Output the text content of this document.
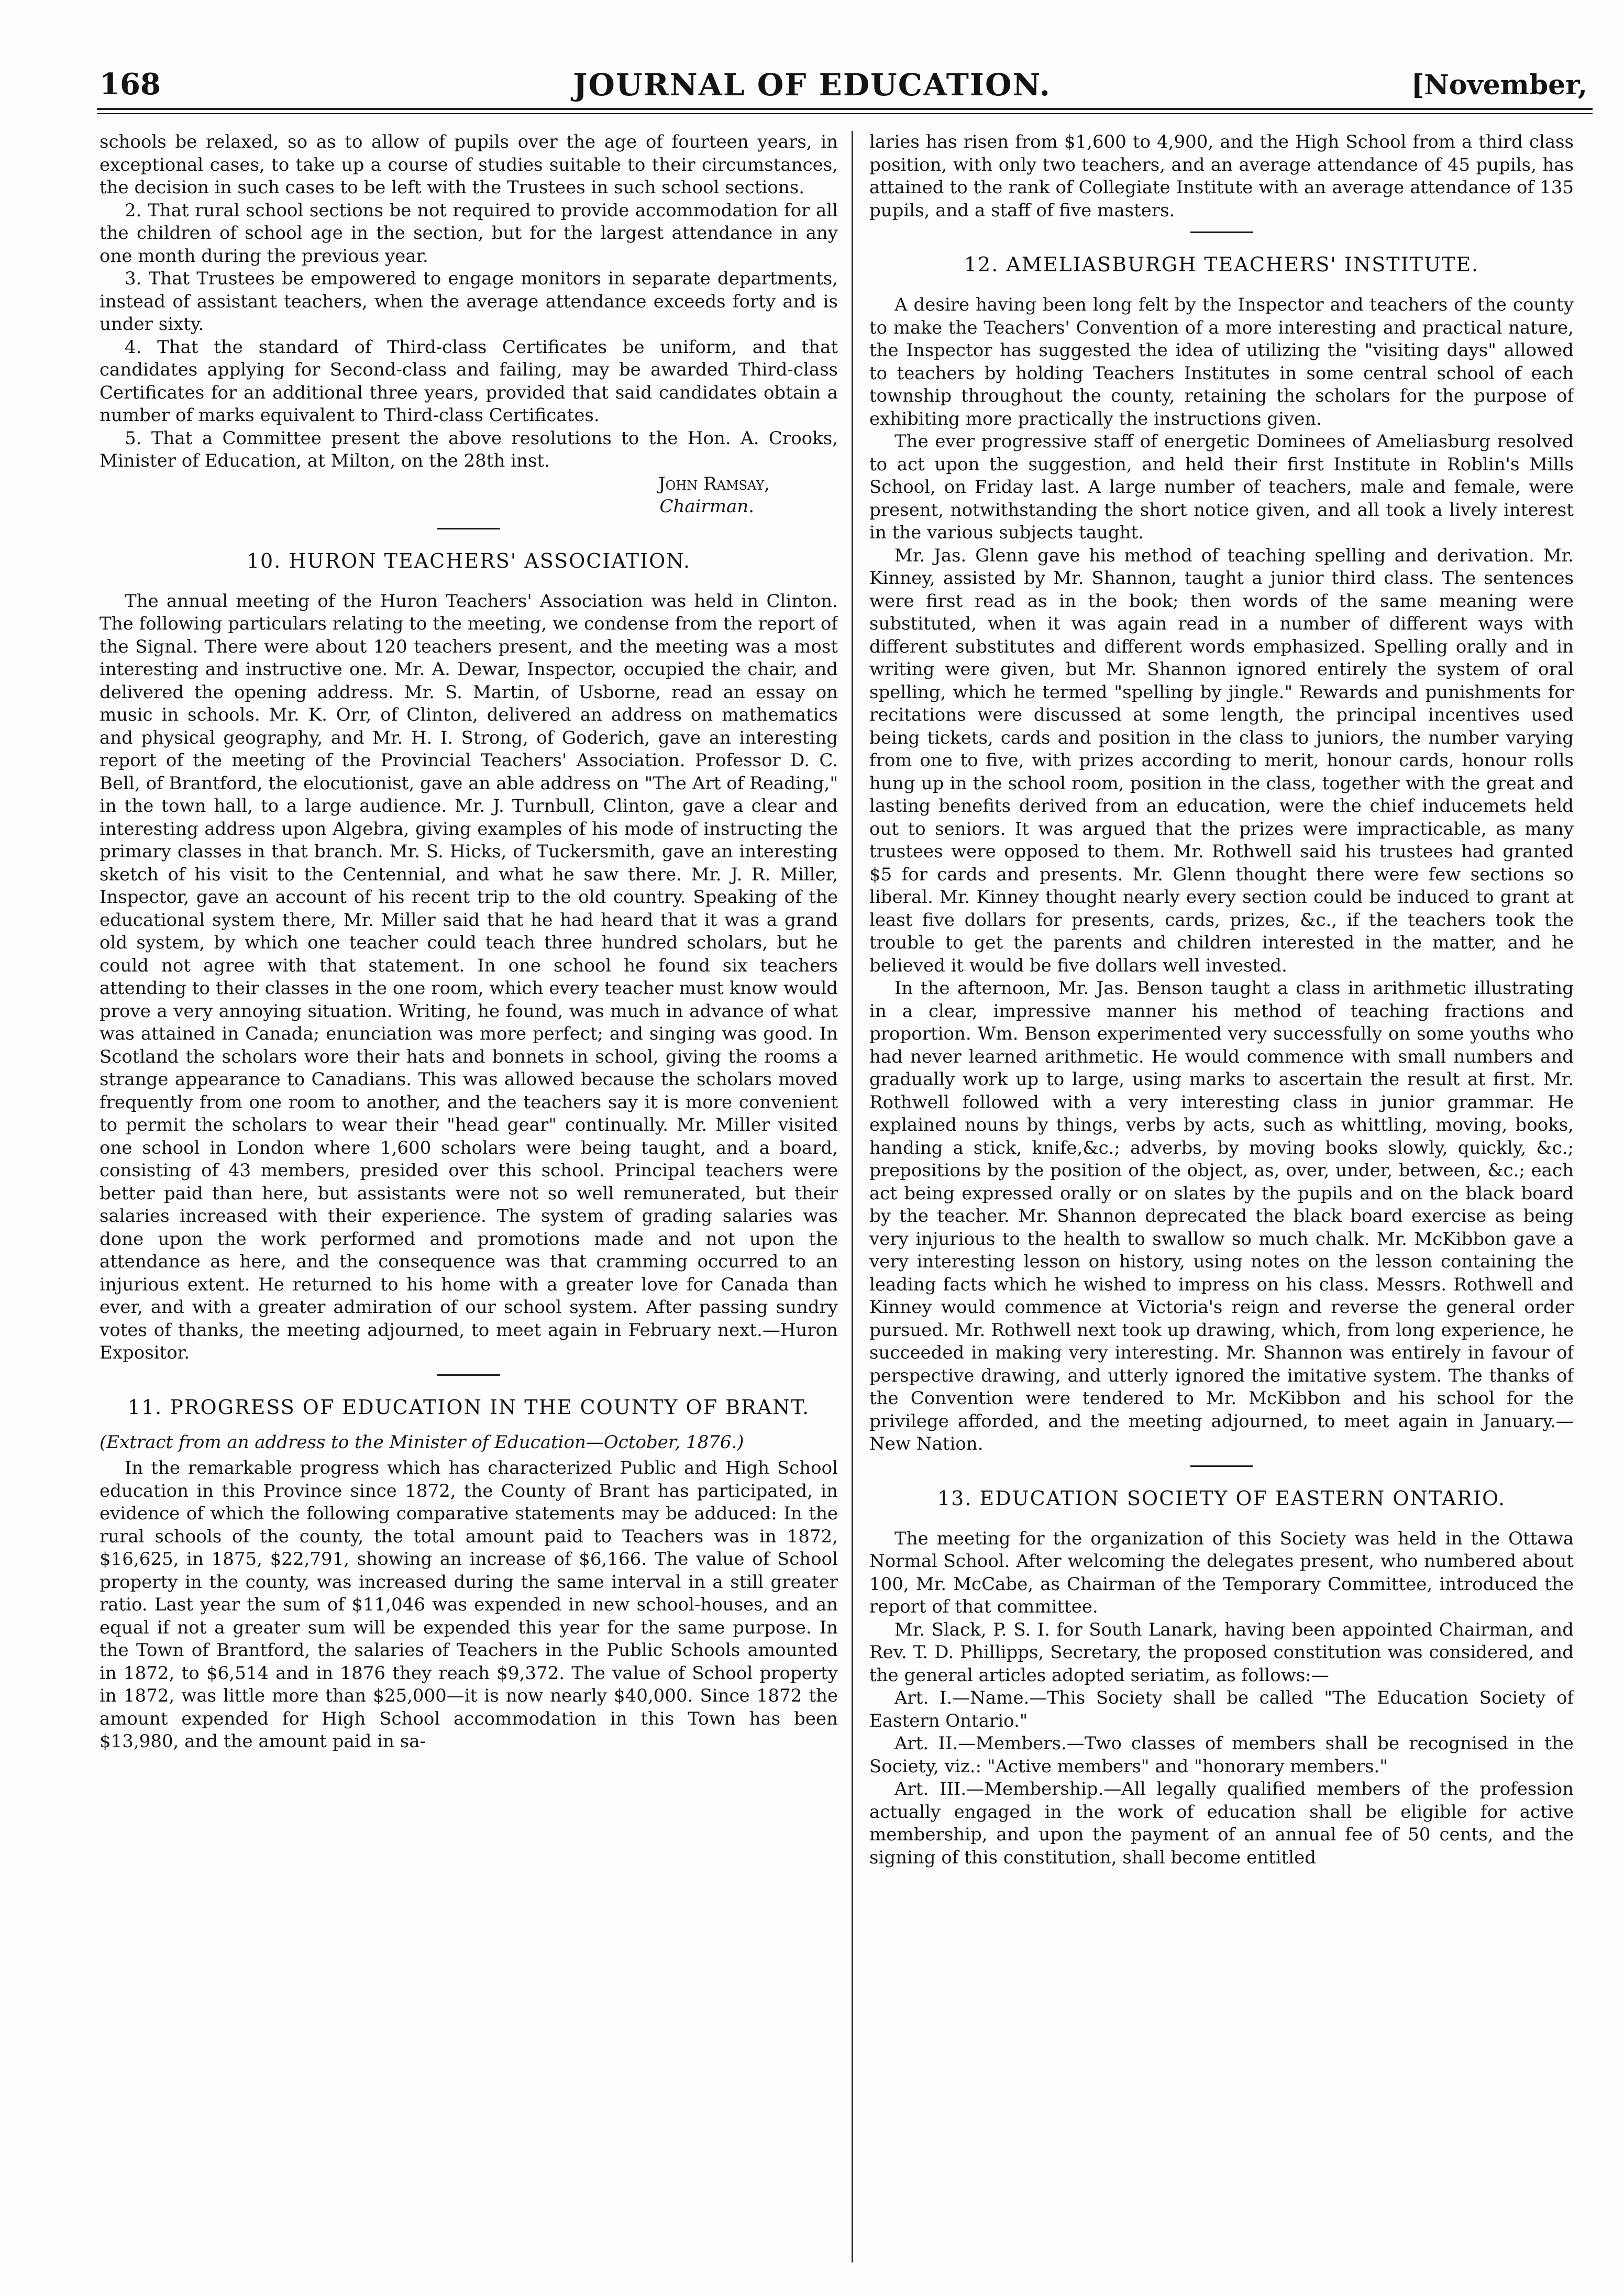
168	JOURNAL OF EDUCATION.	[November,

schools be relaxed, so as to allow of pupils over the age of fourteen years, in exceptional cases, to take up a course of studies suitable to their circumstances, the decision in such cases to be left with the Trustees in such school sections.

2. That rural school sections be not required to provide accommodation for all the children of school age in the section, but for the largest attendance in any one month during the previous year.

3. That Trustees be empowered to engage monitors in separate departments, instead of assistant teachers, when the average attendance exceeds forty and is under sixty.

4. That the standard of Third-class Certificates be uniform, and that candidates applying for Second-class and failing, may be awarded Third-class Certificates for an additional three years, provided that said candidates obtain a number of marks equivalent to Third-class Certificates.

5. That a Committee present the above resolutions to the Hon. A. Crooks, Minister of Education, at Milton, on the 28th inst.

John Ramsay,
Chairman.
10. HURON TEACHERS' ASSOCIATION.

The annual meeting of the Huron Teachers' Association was held in Clinton. The following particulars relating to the meeting, we condense from the report of the Signal. There were about 120 teachers present, and the meeting was a most interesting and instructive one. Mr. A. Dewar, Inspector, occupied the chair, and delivered the opening address. Mr. S. Martin, of Usborne, read an essay on music in schools. Mr. K. Orr, of Clinton, delivered an address on mathematics and physical geography, and Mr. H. I. Strong, of Goderich, gave an interesting report of the meeting of the Provincial Teachers' Association. Professor D. C. Bell, of Brantford, the elocutionist, gave an able address on "The Art of Reading," in the town hall, to a large audience. Mr. J. Turnbull, Clinton, gave a clear and interesting address upon Algebra, giving examples of his mode of instructing the primary classes in that branch. Mr. S. Hicks, of Tuckersmith, gave an interesting sketch of his visit to the Centennial, and what he saw there. Mr. J. R. Miller, Inspector, gave an account of his recent trip to the old country. Speaking of the educational system there, Mr. Miller said that he had heard that it was a grand old system, by which one teacher could teach three hundred scholars, but he could not agree with that statement. In one school he found six teachers attending to their classes in the one room, which every teacher must know would prove a very annoying situation. Writing, he found, was much in advance of what was attained in Canada; enunciation was more perfect; and singing was good. In Scotland the scholars wore their hats and bonnets in school, giving the rooms a strange appearance to Canadians. This was allowed because the scholars moved frequently from one room to another, and the teachers say it is more convenient to permit the scholars to wear their "head gear" continually. Mr. Miller visited one school in London where 1,600 scholars were being taught, and a board, consisting of 43 members, presided over this school. Principal teachers were better paid than here, but assistants were not so well remunerated, but their salaries increased with their experience. The system of grading salaries was done upon the work performed and promotions made and not upon the attendance as here, and the consequence was that cramming occurred to an injurious extent. He returned to his home with a greater love for Canada than ever, and with a greater admiration of our school system. After passing sundry votes of thanks, the meeting adjourned, to meet again in February next.—Huron Expositor.

11. PROGRESS OF EDUCATION IN THE COUNTY OF BRANT.
(Extract from an address to the Minister of Education—October, 1876.)

In the remarkable progress which has characterized Public and High School education in this Province since 1872, the County of Brant has participated, in evidence of which the following comparative statements may be adduced: In the rural schools of the county, the total amount paid to Teachers was in 1872, $16,625, in 1875, $22,791, showing an increase of $6,166. The value of School property in the county, was increased during the same interval in a still greater ratio. Last year the sum of $11,046 was expended in new school-houses, and an equal if not a greater sum will be expended this year for the same purpose. In the Town of Brantford, the salaries of Teachers in the Public Schools amounted in 1872, to $6,514 and in 1876 they reach $9,372. The value of School property in 1872, was little more than $25,000—it is now nearly $40,000. Since 1872 the amount expended for High School accommodation in this Town has been $13,980, and the amount paid in sa-

laries has risen from $1,600 to 4,900, and the High School from a third class position, with only two teachers, and an average attendance of 45 pupils, has attained to the rank of Collegiate Institute with an average attendance of 135 pupils, and a staff of five masters.

12. AMELIASBURGH TEACHERS' INSTITUTE.

A desire having been long felt by the Inspector and teachers of the county to make the Teachers' Convention of a more interesting and practical nature, the Inspector has suggested the idea of utilizing the "visiting days" allowed to teachers by holding Teachers Institutes in some central school of each township throughout the county, retaining the scholars for the purpose of exhibiting more practically the instructions given.

The ever progressive staff of energetic Dominees of Ameliasburg resolved to act upon the suggestion, and held their first Institute in Roblin's Mills School, on Friday last. A large number of teachers, male and female, were present, notwithstanding the short notice given, and all took a lively interest in the various subjects taught.

Mr. Jas. Glenn gave his method of teaching spelling and derivation. Mr. Kinney, assisted by Mr. Shannon, taught a junior third class. The sentences were first read as in the book; then words of the same meaning were substituted, when it was again read in a number of different ways with different substitutes and different words emphasized. Spelling orally and in writing were given, but Mr. Shannon ignored entirely the system of oral spelling, which he termed "spelling by jingle." Rewards and punishments for recitations were discussed at some length, the principal incentives used being tickets, cards and position in the class to juniors, the number varying from one to five, with prizes according to merit, honour cards, honour rolls hung up in the school room, position in the class, together with the great and lasting benefits derived from an education, were the chief inducemets held out to seniors. It was argued that the prizes were impracticable, as many trustees were opposed to them. Mr. Rothwell said his trustees had granted $5 for cards and presents. Mr. Glenn thought there were few sections so liberal. Mr. Kinney thought nearly every section could be induced to grant at least five dollars for presents, cards, prizes, &c., if the teachers took the trouble to get the parents and children interested in the matter, and he believed it would be five dollars well invested.

In the afternoon, Mr. Jas. Benson taught a class in arithmetic illustrating in a clear, impressive manner his method of teaching fractions and proportion. Wm. Benson experimented very successfully on some youths who had never learned arithmetic. He would commence with small numbers and gradually work up to large, using marks to ascertain the result at first. Mr. Rothwell followed with a very interesting class in junior grammar. He explained nouns by things, verbs by acts, such as whittling, moving, books, handing a stick, knife,&c.; adverbs, by moving books slowly, quickly, &c.; prepositions by the position of the object, as, over, under, between, &c.; each act being expressed orally or on slates by the pupils and on the black board by the teacher. Mr. Shannon deprecated the black board exercise as being very injurious to the health to swallow so much chalk. Mr. McKibbon gave a very interesting lesson on history, using notes on the lesson containing the leading facts which he wished to impress on his class. Messrs. Rothwell and Kinney would commence at Victoria's reign and reverse the general order pursued. Mr. Rothwell next took up drawing, which, from long experience, he succeeded in making very interesting. Mr. Shannon was entirely in favour of perspective drawing, and utterly ignored the imitative system. The thanks of the Convention were tendered to Mr. McKibbon and his school for the privilege afforded, and the meeting adjourned, to meet again in January.—New Nation.

13. EDUCATION SOCIETY OF EASTERN ONTARIO.

The meeting for the organization of this Society was held in the Ottawa Normal School. After welcoming the delegates present, who numbered about 100, Mr. McCabe, as Chairman of the Temporary Committee, introduced the report of that committee.

Mr. Slack, P. S. I. for South Lanark, having been appointed Chairman, and Rev. T. D. Phillipps, Secretary, the proposed constitution was considered, and the general articles adopted seriatim, as follows:—

Art. I.—Name.—This Society shall be called "The Education Society of Eastern Ontario."

Art. II.—Members.—Two classes of members shall be recognised in the Society, viz.: "Active members" and "honorary members."

Art. III.—Membership.—All legally qualified members of the profession actually engaged in the work of education shall be eligible for active membership, and upon the payment of an annual fee of 50 cents, and the signing of this constitution, shall become entitled
